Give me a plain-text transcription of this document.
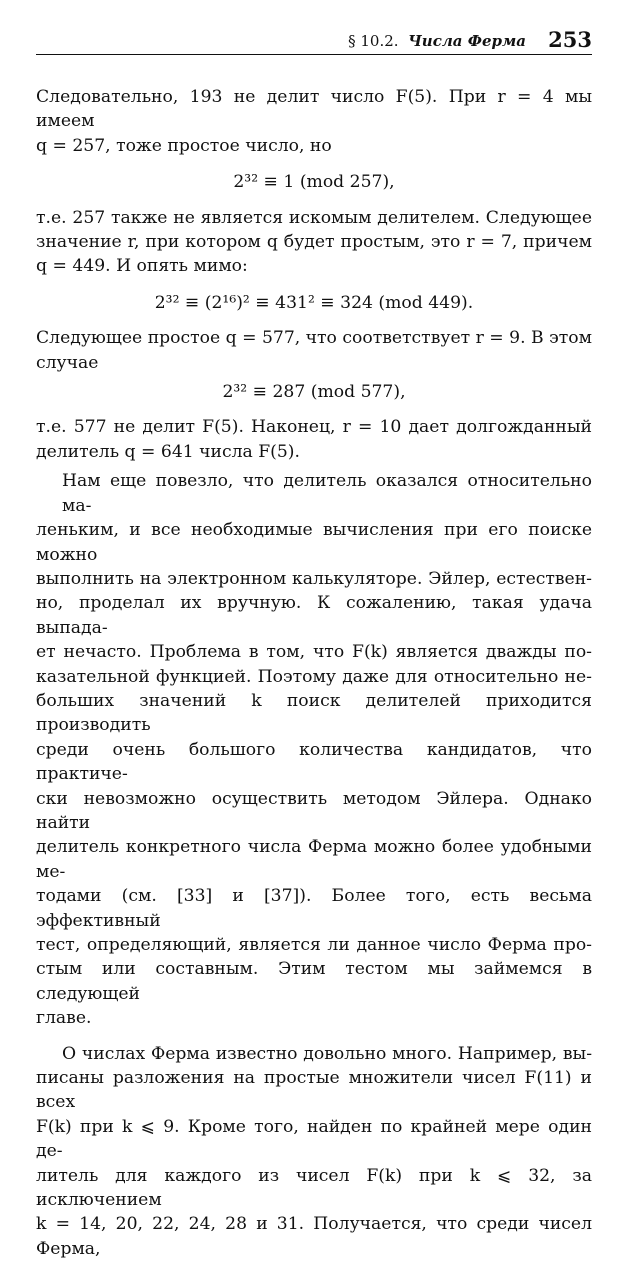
§ 10.2. Числа Ферма 253

Следовательно, 193 не делит число F(5). При r = 4 мы имеем
q = 257, тоже простое число, но

2³² ≡ 1 (mod 257),

т.е. 257 также не является искомым делителем. Следующее
значение r, при котором q будет простым, это r = 7, причем
q = 449. И опять мимо:

2³² ≡ (2¹⁶)² ≡ 431² ≡ 324 (mod 449).

Следующее простое q = 577, что соответствует r = 9. В этом
случае

2³² ≡ 287 (mod 577),

т.е. 577 не делит F(5). Наконец, r = 10 дает долгожданный
делитель q = 641 числа F(5).

Нам еще повезло, что делитель оказался относительно ма-
леньким, и все необходимые вычисления при его поиске можно
выполнить на электронном калькуляторе. Эйлер, естествен-
но, проделал их вручную. К сожалению, такая удача выпада-
ет нечасто. Проблема в том, что F(k) является дважды по-
казательной функцией. Поэтому даже для относительно не-
больших значений k поиск делителей приходится производить
среди очень большого количества кандидатов, что практиче-
ски невозможно осуществить методом Эйлера. Однако найти
делитель конкретного числа Ферма можно более удобными ме-
тодами (см. [33] и [37]). Более того, есть весьма эффективный
тест, определяющий, является ли данное число Ферма про-
стым или составным. Этим тестом мы займемся в следующей
главе.

О числах Ферма известно довольно много. Например, вы-
писаны разложения на простые множители чисел F(11) и всех
F(k) при k ⩽ 9. Кроме того, найден по крайней мере один де-
литель для каждого из чисел F(k) при k ⩽ 32, за исключением
k = 14, 20, 22, 24, 28 и 31. Получается, что среди чисел Ферма,
